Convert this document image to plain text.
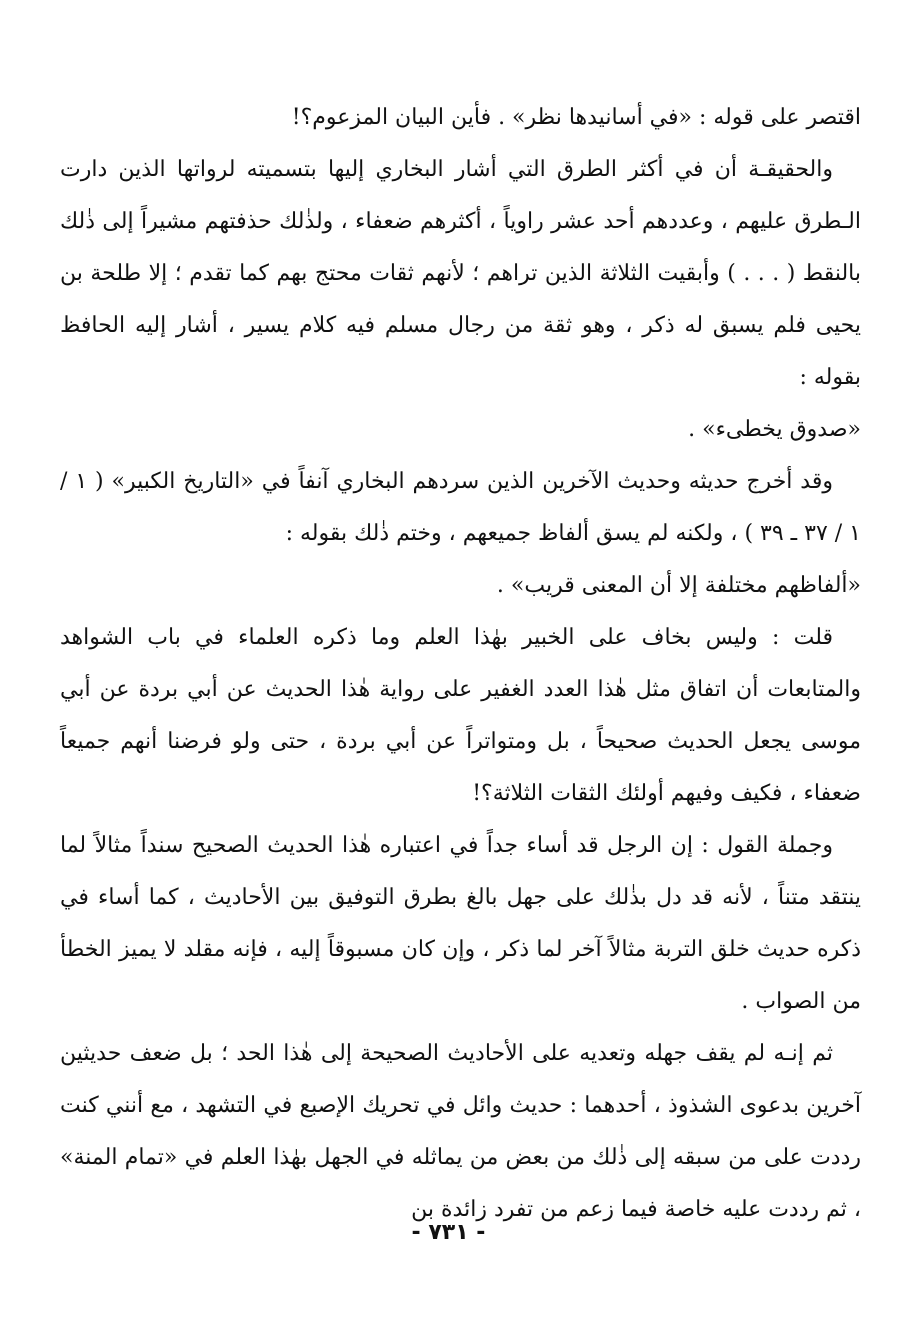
اقتصر على قوله : «في أسانيدها نظر» . فأين البيان المزعوم؟!

والحقيقـة أن في أكثر الطرق التي أشار البخاري إليها بتسميته لرواتها الذين دارت الـطرق عليهم ، وعددهم أحد عشر راوياً ، أكثرهم ضعفاء ، ولذٰلك حذفتهم مشيراً إلى ذٰلك بالنقط ( . . . ) وأبقيت الثلاثة الذين تراهم ؛ لأنهم ثقات محتج بهم كما تقدم ؛ إلا طلحة بن يحيى فلم يسبق له ذكر ، وهو ثقة من رجال مسلم فيه كلام يسير ، أشار إليه الحافظ بقوله :

«صدوق يخطىء» .

وقد أخرج حديثه وحديث الآخرين الذين سردهم البخاري آنفاً في «التاريخ الكبير» ( ١ / ١ / ٣٧ ـ ٣٩ ) ، ولكنه لم يسق ألفاظ جميعهم ، وختم ذٰلك بقوله :

«ألفاظهم مختلفة إلا أن المعنى قريب» .

قلت : وليس بخاف على الخبير بهٰذا العلم وما ذكره العلماء في باب الشواهد والمتابعات أن اتفاق مثل هٰذا العدد الغفير على رواية هٰذا الحديث عن أبي بردة عن أبي موسى يجعل الحديث صحيحاً ، بل ومتواتراً عن أبي بردة ، حتى ولو فرضنا أنهم جميعاً ضعفاء ، فكيف وفيهم أولئك الثقات الثلاثة؟!

وجملة القول : إن الرجل قد أساء جداً في اعتباره هٰذا الحديث الصحيح سنداً مثالاً لما ينتقد متناً ، لأنه قد دل بذٰلك على جهل بالغ بطرق التوفيق بين الأحاديث ، كما أساء في ذكره حديث خلق التربة مثالاً آخر لما ذكر ، وإن كان مسبوقاً إليه ، فإنه مقلد لا يميز الخطأ من الصواب .

ثم إنـه لم يقف جهله وتعديه على الأحاديث الصحيحة إلى هٰذا الحد ؛ بل ضعف حديثين آخرين بدعوى الشذوذ ، أحدهما : حديث وائل في تحريك الإصبع في التشهد ، مع أنني كنت رددت على من سبقه إلى ذٰلك من بعض من يماثله في الجهل بهٰذا العلم في «تمام المنة» ، ثم رددت عليه خاصة فيما زعم من تفرد زائدة بن

- ٧٣١ -
